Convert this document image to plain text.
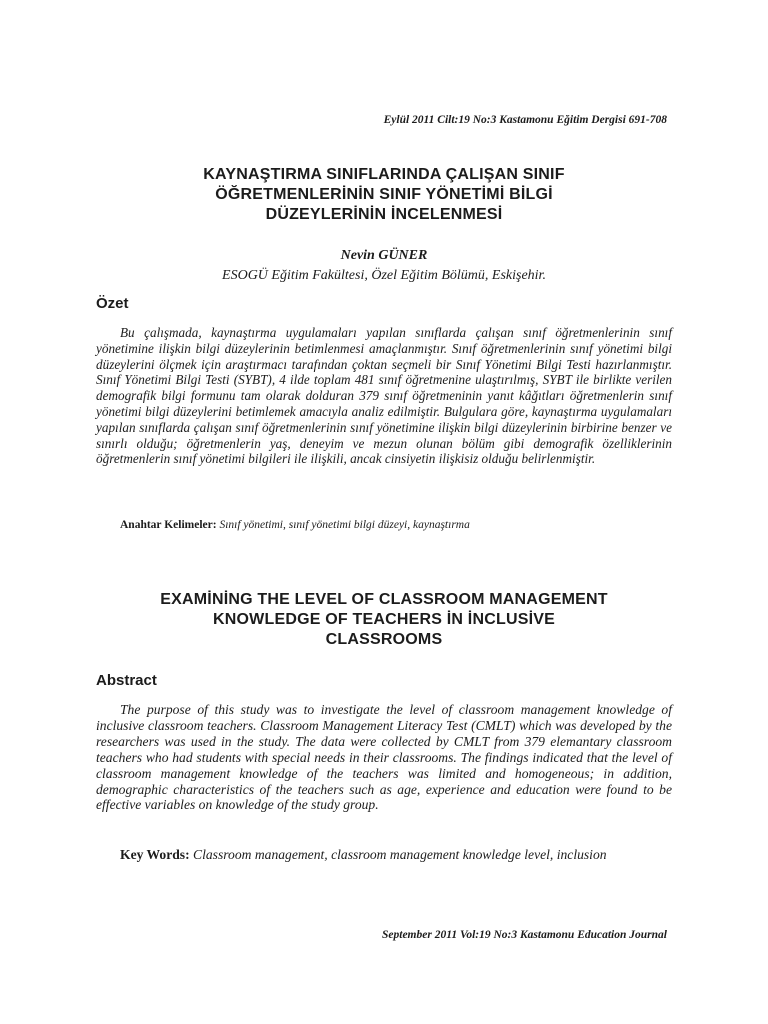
Eylül 2011 Cilt:19 No:3 Kastamonu Eğitim Dergisi 691-708
KAYNAŞTIRMA SINIFLARINDA ÇALIŞAN SINIF
ÖĞRETMENLERİNİN SINIF YÖNETİMİ BİLGİ
DÜZEYLERİNİN İNCELENMESİ
Nevin GÜNER
ESOGÜ Eğitim Fakültesi, Özel Eğitim Bölümü, Eskişehir.
Özet

Bu çalışmada, kaynaştırma uygulamaları yapılan sınıflarda çalışan sınıf öğretmenlerinin sınıf yönetimine ilişkin bilgi düzeylerinin betimlenmesi amaçlanmıştır. Sınıf öğretmenlerinin sınıf yönetimi bilgi düzeylerini ölçmek için araştırmacı tarafından çoktan seçmeli bir Sınıf Yönetimi Bilgi Testi hazırlanmıştır. Sınıf Yönetimi Bilgi Testi (SYBT), 4 ilde toplam 481 sınıf öğretmenine ulaştırılmış, SYBT ile birlikte verilen demografik bilgi formunu tam olarak dolduran 379 sınıf öğretmeninin yanıt kâğıtları öğretmenlerin sınıf yönetimi bilgi düzeylerini betimlemek amacıyla analiz edilmiştir. Bulgulara göre, kaynaştırma uygulamaları yapılan sınıflarda çalışan sınıf öğretmenlerinin sınıf yönetimine ilişkin bilgi düzeylerinin birbirine benzer ve sınırlı olduğu; öğretmenlerin yaş, deneyim ve mezun olunan bölüm gibi demografik özelliklerinin öğretmenlerin sınıf yönetimi bilgileri ile ilişkili, ancak cinsiyetin ilişkisiz olduğu belirlenmiştir.

Anahtar Kelimeler: Sınıf yönetimi, sınıf yönetimi bilgi düzeyi, kaynaştırma
EXAMİNİNG THE LEVEL OF CLASSROOM MANAGEMENT
KNOWLEDGE OF TEACHERS İN İNCLUSİVE
CLASSROOMS
Abstract

The purpose of this study was to investigate the level of classroom management knowledge of inclusive classroom teachers. Classroom Management Literacy Test (CMLT) which was developed by the researchers was used in the study. The data were collected by CMLT from 379 elemantary classroom teachers who had students with special needs in their classrooms. The findings indicated that the level of classroom management knowledge of the teachers was limited and homogeneous; in addition, demographic characteristics of the teachers such as age, experience and education were found to be effective variables on knowledge of the study group.

Key Words: Classroom management, classroom management knowledge level, inclusion
September 2011 Vol:19 No:3 Kastamonu Education Journal
